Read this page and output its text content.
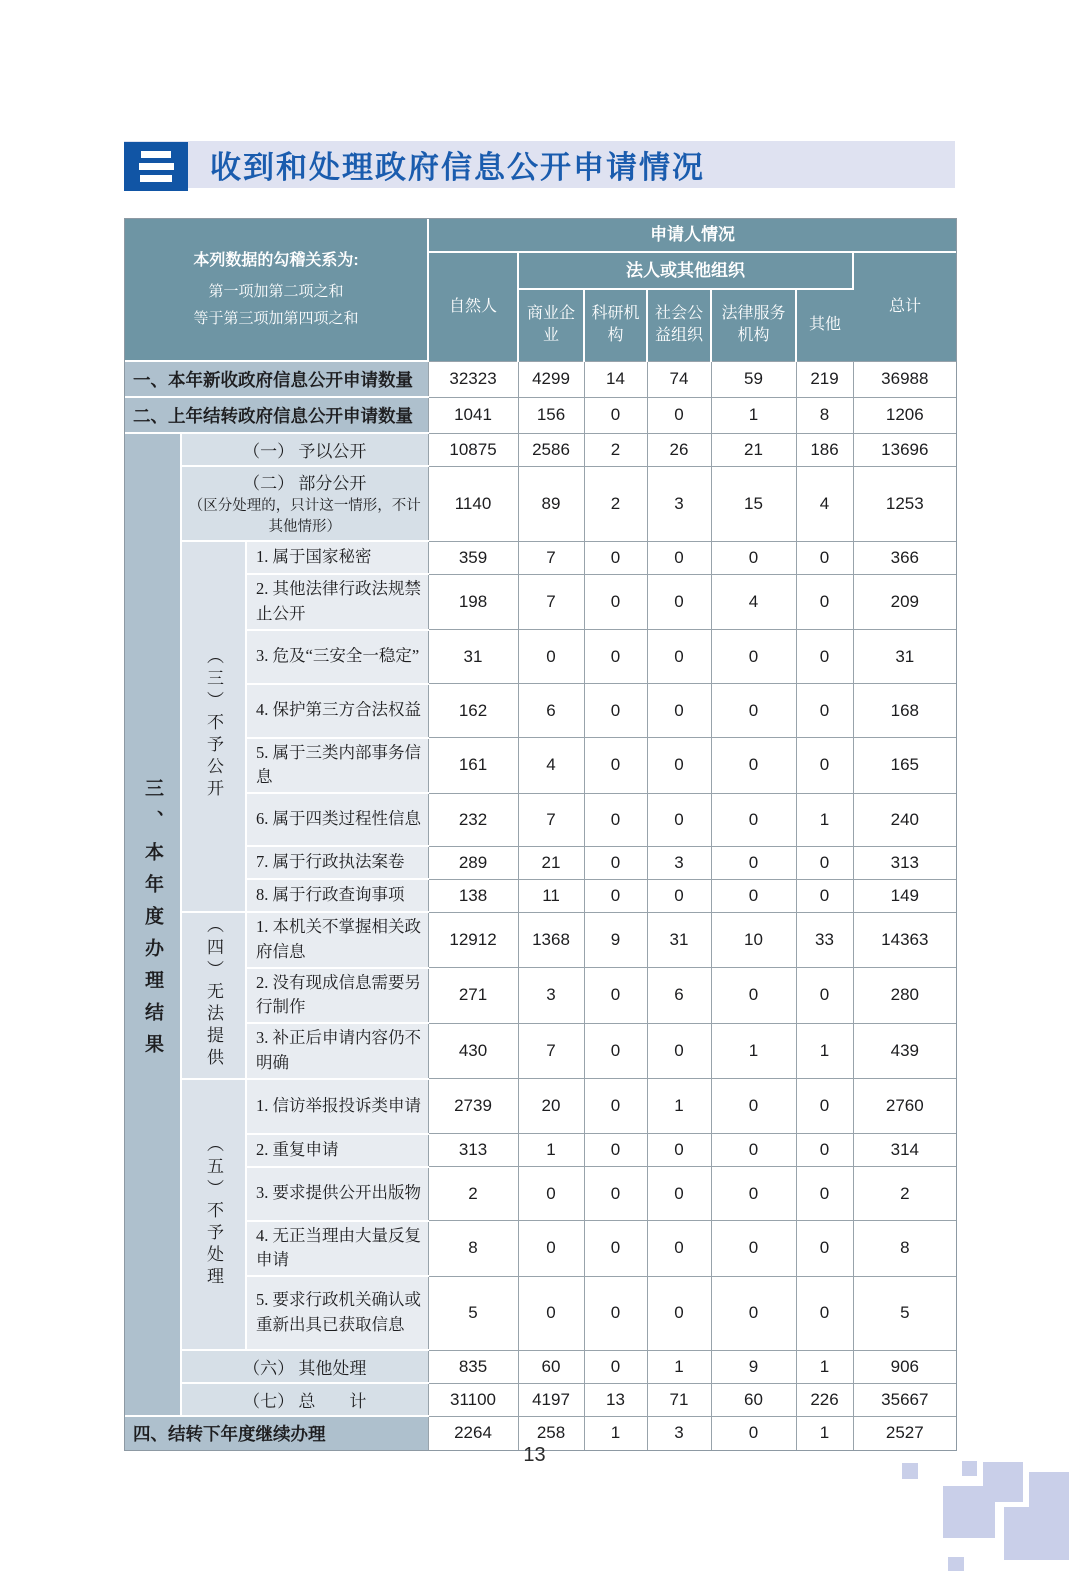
收到和处理政府信息公开申请情况
本列数据的勾稽关系为:
第一项加第二项之和
等于第三项加第四项之和			申请人情况						
			自然人	法人或其他组织					总计
				商业企业	科研机构	社会公益组织	法律服务机构	其他	
一、本年新收政府信息公开申请数量			32323	4299	14	74	59	219	36988
二、上年结转政府信息公开申请数量			1041	156	0	0	1	8	1206
三、本年度办理结果	（一） 予以公开		10875	2586	2	26	21	186	13696

	（二） 部分公开
（区分处理的，只计这一情形，不计其他情形）		1140	89	2	3	15	4	1253
	（三）不予公开	1. 属于国家秘密	359	7	0	0	0	0	366
		2. 其他法律行政法规禁止公开	198	7	0	0	4	0	209
		3. 危及“三安全一稳定”	31	0	0	0	0	0	31
		4. 保护第三方合法权益	162	6	0	0	0	0	168
		5. 属于三类内部事务信息	161	4	0	0	0	0	165
		6. 属于四类过程性信息	232	7	0	0	0	1	240
		7. 属于行政执法案卷	289	21	0	3	0	0	313
		8. 属于行政查询事项	138	11	0	0	0	0	149
	（四）无法提供	1. 本机关不掌握相关政府信息	12912	1368	9	31	10	33	14363
		2. 没有现成信息需要另行制作	271	3	0	6	0	0	280
		3. 补正后申请内容仍不明确	430	7	0	0	1	1	439
	（五）不予处理	1. 信访举报投诉类申请	2739	20	0	1	0	0	2760
		2. 重复申请	313	1	0	0	0	0	314
		3. 要求提供公开出版物	2	0	0	0	0	0	2
		4. 无正当理由大量反复申请	8	0	0	0	0	0	8
		5. 要求行政机关确认或重新出具已获取信息	5	0	0	0	0	0	5
	（六） 其他处理		835	60	0	1	9	1	906
	（七） 总　　计		31100	4197	13	71	60	226	35667
四、结转下年度继续办理			2264	258	1	3	0	1	2527
13
